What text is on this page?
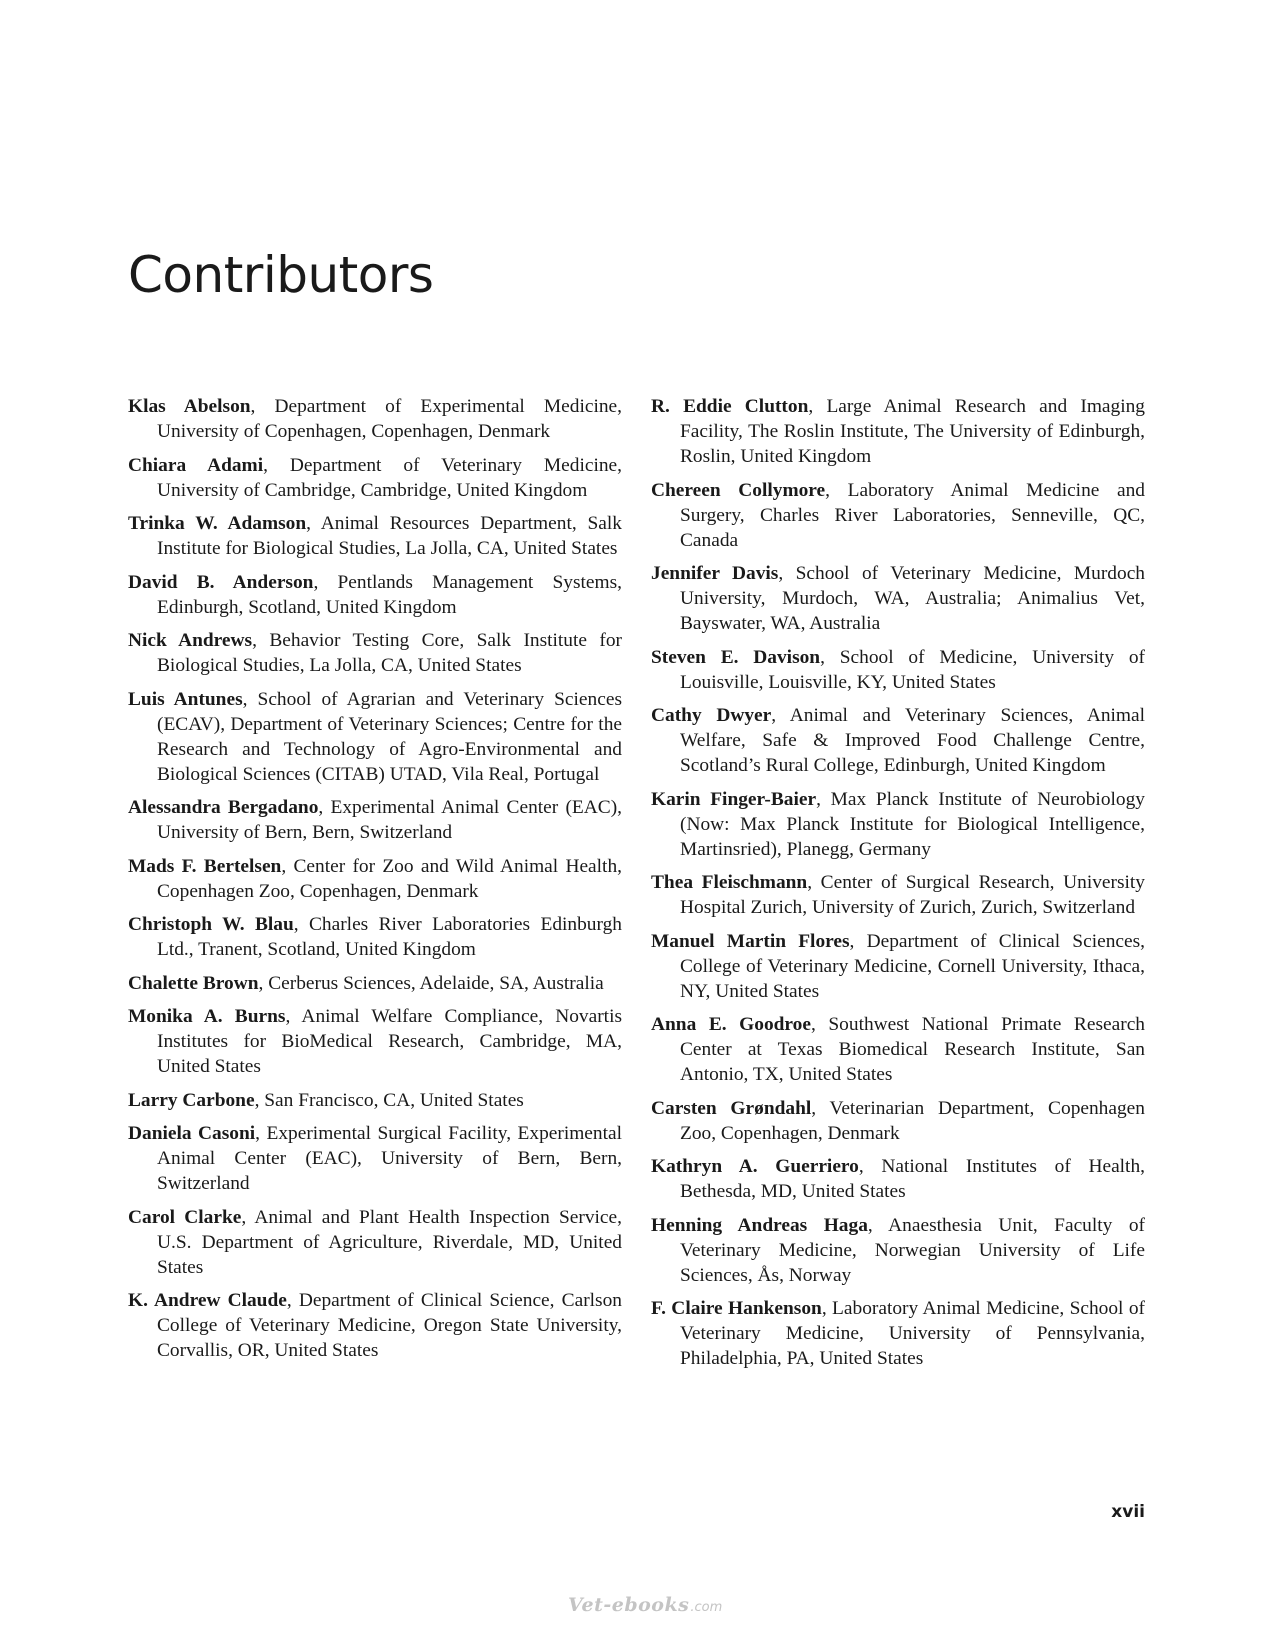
Contributors

Klas Abelson, Department of Experimental Medicine, University of Copenhagen, Copenhagen, Denmark

Chiara Adami, Department of Veterinary Medicine, University of Cambridge, Cambridge, United Kingdom

Trinka W. Adamson, Animal Resources Department, Salk Institute for Biological Studies, La Jolla, CA, United States

David B. Anderson, Pentlands Management Systems, Edinburgh, Scotland, United Kingdom

Nick Andrews, Behavior Testing Core, Salk Institute for Biological Studies, La Jolla, CA, United States

Luis Antunes, School of Agrarian and Veterinary Sciences (ECAV), Department of Veterinary Sciences; Centre for the Research and Technology of Agro-Environmental and Biological Sciences (CITAB) UTAD, Vila Real, Portugal

Alessandra Bergadano, Experimental Animal Center (EAC), University of Bern, Bern, Switzerland

Mads F. Bertelsen, Center for Zoo and Wild Animal Health, Copenhagen Zoo, Copenhagen, Denmark

Christoph W. Blau, Charles River Laboratories Edinburgh Ltd., Tranent, Scotland, United Kingdom

Chalette Brown, Cerberus Sciences, Adelaide, SA, Australia

Monika A. Burns, Animal Welfare Compliance, Novartis Institutes for BioMedical Research, Cambridge, MA, United States

Larry Carbone, San Francisco, CA, United States

Daniela Casoni, Experimental Surgical Facility, Experimental Animal Center (EAC), University of Bern, Bern, Switzerland

Carol Clarke, Animal and Plant Health Inspection Service, U.S. Department of Agriculture, Riverdale, MD, United States

K. Andrew Claude, Department of Clinical Science, Carlson College of Veterinary Medicine, Oregon State University, Corvallis, OR, United States

R. Eddie Clutton, Large Animal Research and Imaging Facility, The Roslin Institute, The University of Edinburgh, Roslin, United Kingdom

Chereen Collymore, Laboratory Animal Medicine and Surgery, Charles River Laboratories, Senneville, QC, Canada

Jennifer Davis, School of Veterinary Medicine, Murdoch University, Murdoch, WA, Australia; Animalius Vet, Bayswater, WA, Australia

Steven E. Davison, School of Medicine, University of Louisville, Louisville, KY, United States

Cathy Dwyer, Animal and Veterinary Sciences, Animal Welfare, Safe & Improved Food Challenge Centre, Scotland’s Rural College, Edinburgh, United Kingdom

Karin Finger-Baier, Max Planck Institute of Neurobiology (Now: Max Planck Institute for Biological Intelligence, Martinsried), Planegg, Germany

Thea Fleischmann, Center of Surgical Research, University Hospital Zurich, University of Zurich, Zurich, Switzerland

Manuel Martin Flores, Department of Clinical Sciences, College of Veterinary Medicine, Cornell University, Ithaca, NY, United States

Anna E. Goodroe, Southwest National Primate Research Center at Texas Biomedical Research Institute, San Antonio, TX, United States

Carsten Grøndahl, Veterinarian Department, Copenhagen Zoo, Copenhagen, Denmark

Kathryn A. Guerriero, National Institutes of Health, Bethesda, MD, United States

Henning Andreas Haga, Anaesthesia Unit, Faculty of Veterinary Medicine, Norwegian University of Life Sciences, Ås, Norway

F. Claire Hankenson, Laboratory Animal Medicine, School of Veterinary Medicine, University of Pennsylvania, Philadelphia, PA, United States

xvii
Vet-ebooks .com
